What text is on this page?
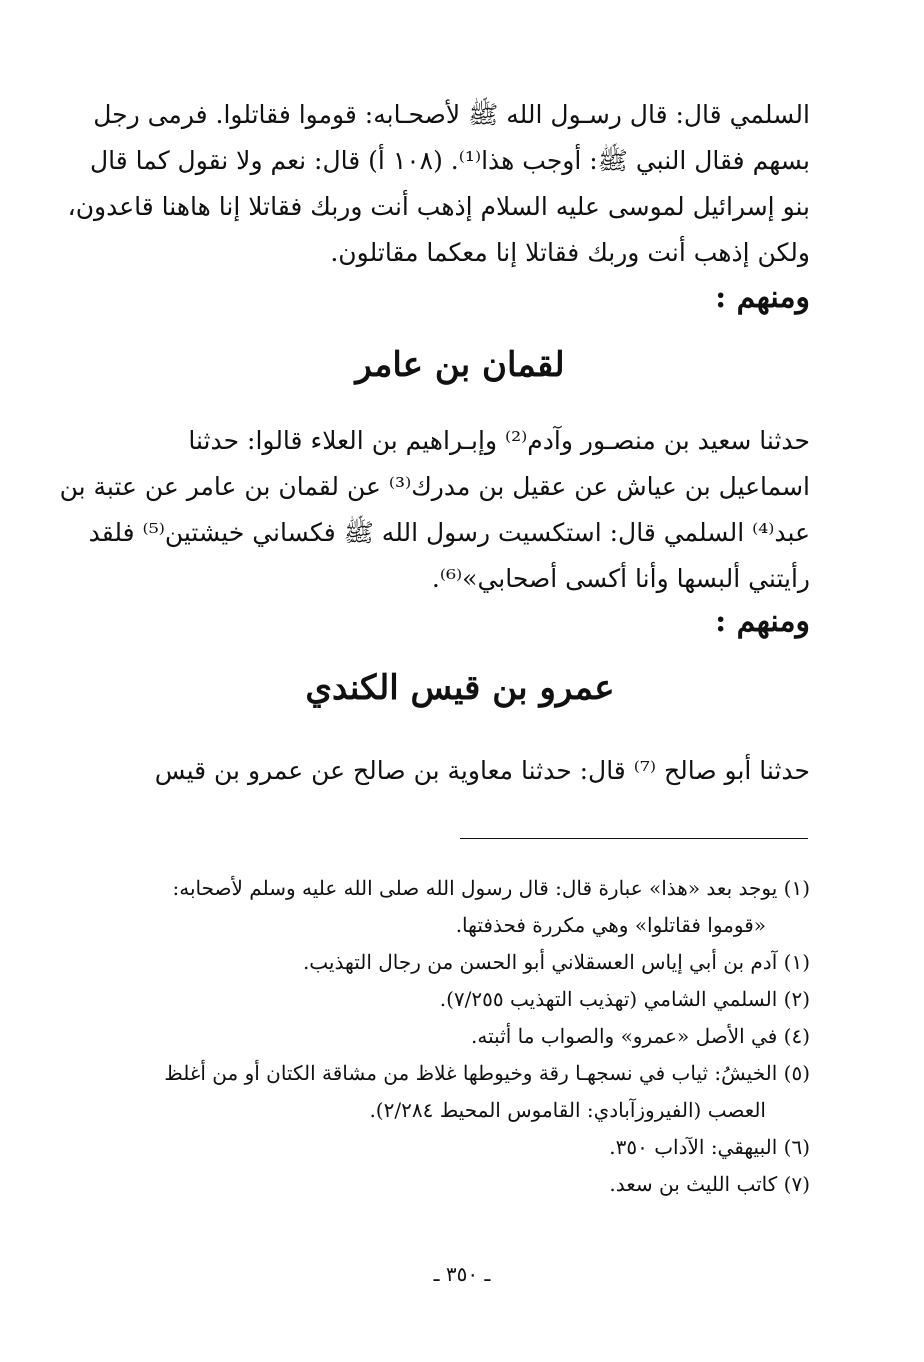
السلمي قال: قال رسـول الله ﷺ لأصحـابه: قوموا فقاتلوا. فرمى رجل
بسهم فقال النبي ﷺ: أوجب هذا⁽¹⁾. (١٠٨ أ) قال: نعم ولا نقول كما قال
بنو إسرائيل لموسى عليه السلام إذهب أنت وربك فقاتلا إنا هاهنا قاعدون،
ولكن إذهب أنت وربك فقاتلا إنا معكما مقاتلون.
ومنهم :
لقمان بن عامر
حدثنا سعيد بن منصـور وآدم⁽²⁾ وإبـراهيم بن العلاء قالوا: حدثنا
اسماعيل بن عياش عن عقيل بن مدرك⁽³⁾ عن لقمان بن عامر عن عتبة بن
عبد⁽⁴⁾ السلمي قال: استكسيت رسول الله ﷺ فكساني خيشتين⁽⁵⁾ فلقد
رأيتني ألبسها وأنا أكسى أصحابي»⁽⁶⁾.
ومنهم :
عمرو بن قيس الكندي
حدثنا أبو صالح ⁽⁷⁾ قال: حدثنا معاوية بن صالح عن عمرو بن قيس
(١) يوجد بعد «هذا» عبارة قال: قال رسول الله صلى الله عليه وسلم لأصحابه:
«قوموا فقاتلوا» وهي مكررة فحذفتها.
(١) آدم بن أبي إياس العسقلاني أبو الحسن من رجال التهذيب.
(٢) السلمي الشامي (تهذيب التهذيب ٧/٢٥٥).
(٤) في الأصل «عمرو» والصواب ما أثبته.
(٥) الخيشُ: ثياب في نسجهـا رقة وخيوطها غلاظ من مشاقة الكتان أو من أغلظ
العصب (الفيروزآبادي: القاموس المحيط ٢/٢٨٤).
(٦) البيهقي: الآداب ٣٥٠.
(٧) كاتب الليث بن سعد.
ـ ٣٥٠ ـ
